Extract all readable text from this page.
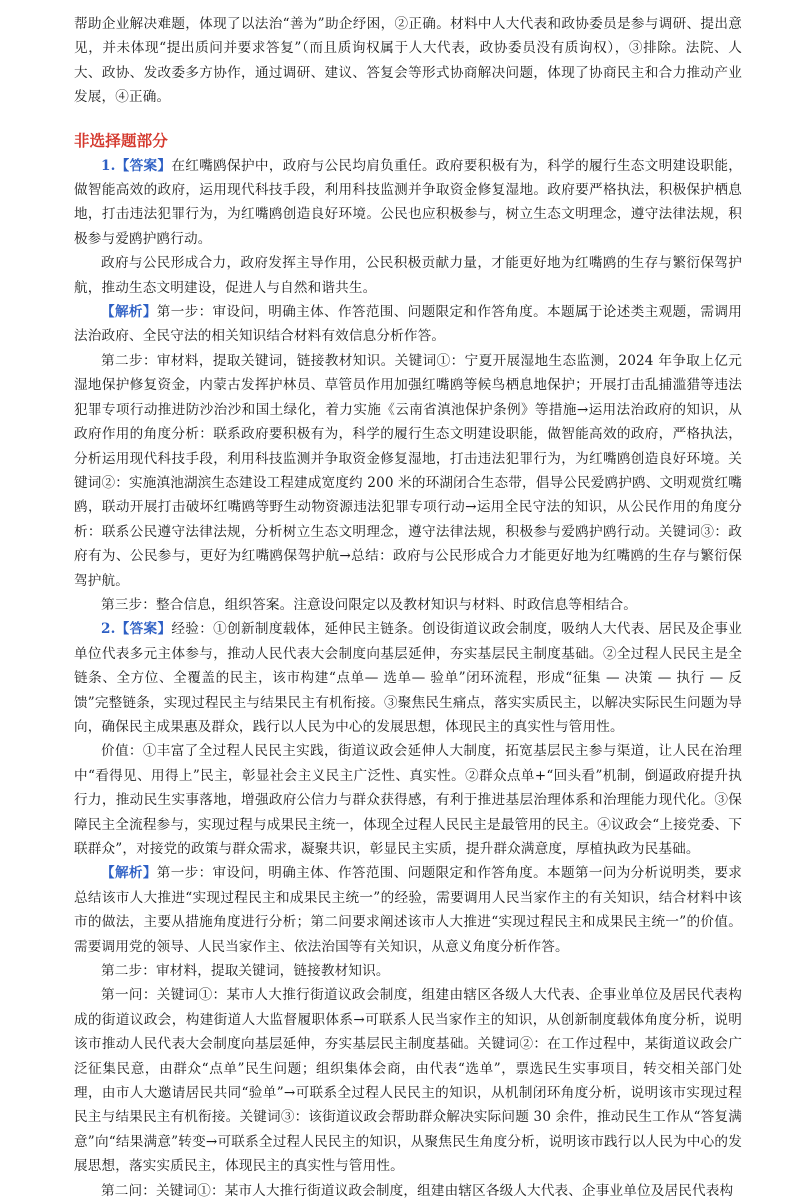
帮助企业解决难题，体现了以法治“善为”助企纾困，②正确。材料中人大代表和政协委员是参与调研、提出意见，并未体现“提出质问并要求答复”（而且质询权属于人大代表，政协委员没有质询权），③排除。法院、人大、政协、发改委多方协作，通过调研、建议、答复会等形式协商解决问题，体现了协商民主和合力推动产业发展，④正确。

非选择题部分

1.【答案】在红嘴鸥保护中，政府与公民均肩负重任。政府要积极有为，科学的履行生态文明建设职能，做智能高效的政府，运用现代科技手段，利用科技监测并争取资金修复湿地。政府要严格执法，积极保护栖息地，打击违法犯罪行为，为红嘴鸥创造良好环境。公民也应积极参与，树立生态文明理念，遵守法律法规，积极参与爱鸥护鸥行动。

政府与公民形成合力，政府发挥主导作用，公民积极贡献力量，才能更好地为红嘴鸥的生存与繁衍保驾护航，推动生态文明建设，促进人与自然和谐共生。

【解析】第一步：审设问，明确主体、作答范围、问题限定和作答角度。本题属于论述类主观题，需调用法治政府、全民守法的相关知识结合材料有效信息分析作答。

第二步：审材料，提取关键词，链接教材知识。关键词①：宁夏开展湿地生态监测，2024 年争取上亿元湿地保护修复资金，内蒙古发挥护林员、草管员作用加强红嘴鸥等候鸟栖息地保护；开展打击乱捕滥猎等违法犯罪专项行动推进防沙治沙和国土绿化，着力实施《云南省滇池保护条例》等措施→运用法治政府的知识，从政府作用的角度分析：联系政府要积极有为，科学的履行生态文明建设职能，做智能高效的政府，严格执法，分析运用现代科技手段，利用科技监测并争取资金修复湿地，打击违法犯罪行为，为红嘴鸥创造良好环境。关键词②：实施滇池湖滨生态建设工程建成宽度约 200 米的环湖闭合生态带，倡导公民爱鸥护鸥、文明观赏红嘴鸥，联动开展打击破坏红嘴鸥等野生动物资源违法犯罪专项行动→运用全民守法的知识，从公民作用的角度分析：联系公民遵守法律法规，分析树立生态文明理念，遵守法律法规，积极参与爱鸥护鸥行动。关键词③：政府有为、公民参与，更好为红嘴鸥保驾护航→总结：政府与公民形成合力才能更好地为红嘴鸥的生存与繁衍保驾护航。

第三步：整合信息，组织答案。注意设问限定以及教材知识与材料、时政信息等相结合。

2.【答案】经验：①创新制度载体，延伸民主链条。创设街道议政会制度，吸纳人大代表、居民及企事业单位代表多元主体参与，推动人民代表大会制度向基层延伸，夯实基层民主制度基础。②全过程人民民主是全链条、全方位、全覆盖的民主，该市构建“点单— 选单— 验单”闭环流程，形成“征集 — 决策 — 执行 — 反馈”完整链条，实现过程民主与结果民主有机衔接。③聚焦民生痛点，落实实质民主，以解决实际民生问题为导向，确保民主成果惠及群众，践行以人民为中心的发展思想，体现民主的真实性与管用性。

价值：①丰富了全过程人民民主实践，街道议政会延伸人大制度，拓宽基层民主参与渠道，让人民在治理中“看得见、用得上”民主，彰显社会主义民主广泛性、真实性。②群众点单+“回头看”机制，倒逼政府提升执行力，推动民生实事落地，增强政府公信力与群众获得感，有利于推进基层治理体系和治理能力现代化。③保障民主全流程参与，实现过程与成果民主统一，体现全过程人民民主是最管用的民主。④议政会“上接党委、下联群众”，对接党的政策与群众需求，凝聚共识，彰显民主实质，提升群众满意度，厚植执政为民基础。

【解析】第一步：审设问，明确主体、作答范围、问题限定和作答角度。本题第一问为分析说明类，要求总结该市人大推进“实现过程民主和成果民主统一”的经验，需要调用人民当家作主的有关知识，结合材料中该市的做法，主要从措施角度进行分析；第二问要求阐述该市人大推进“实现过程民主和成果民主统一”的价值。需要调用党的领导、人民当家作主、依法治国等有关知识，从意义角度分析作答。

第二步：审材料，提取关键词，链接教材知识。

第一问：关键词①：某市人大推行街道议政会制度，组建由辖区各级人大代表、企事业单位及居民代表构成的街道议政会，构建街道人大监督履职体系→可联系人民当家作主的知识，从创新制度载体角度分析，说明该市推动人民代表大会制度向基层延伸，夯实基层民主制度基础。关键词②：在工作过程中，某街道议政会广泛征集民意，由群众“点单”民生问题；组织集体会商，由代表“选单”，票选民生实事项目，转交相关部门处理，由市人大邀请居民共同“验单”→可联系全过程人民民主的知识，从机制闭环角度分析，说明该市实现过程民主与结果民主有机衔接。关键词③：该街道议政会帮助群众解决实际问题 30 余件，推动民生工作从“答复满意”向“结果满意”转变→可联系全过程人民民主的知识，从聚焦民生角度分析，说明该市践行以人民为中心的发展思想，落实实质民主，体现民主的真实性与管用性。

第二问：关键词①：某市人大推行街道议政会制度，组建由辖区各级人大代表、企事业单位及居民代表构
